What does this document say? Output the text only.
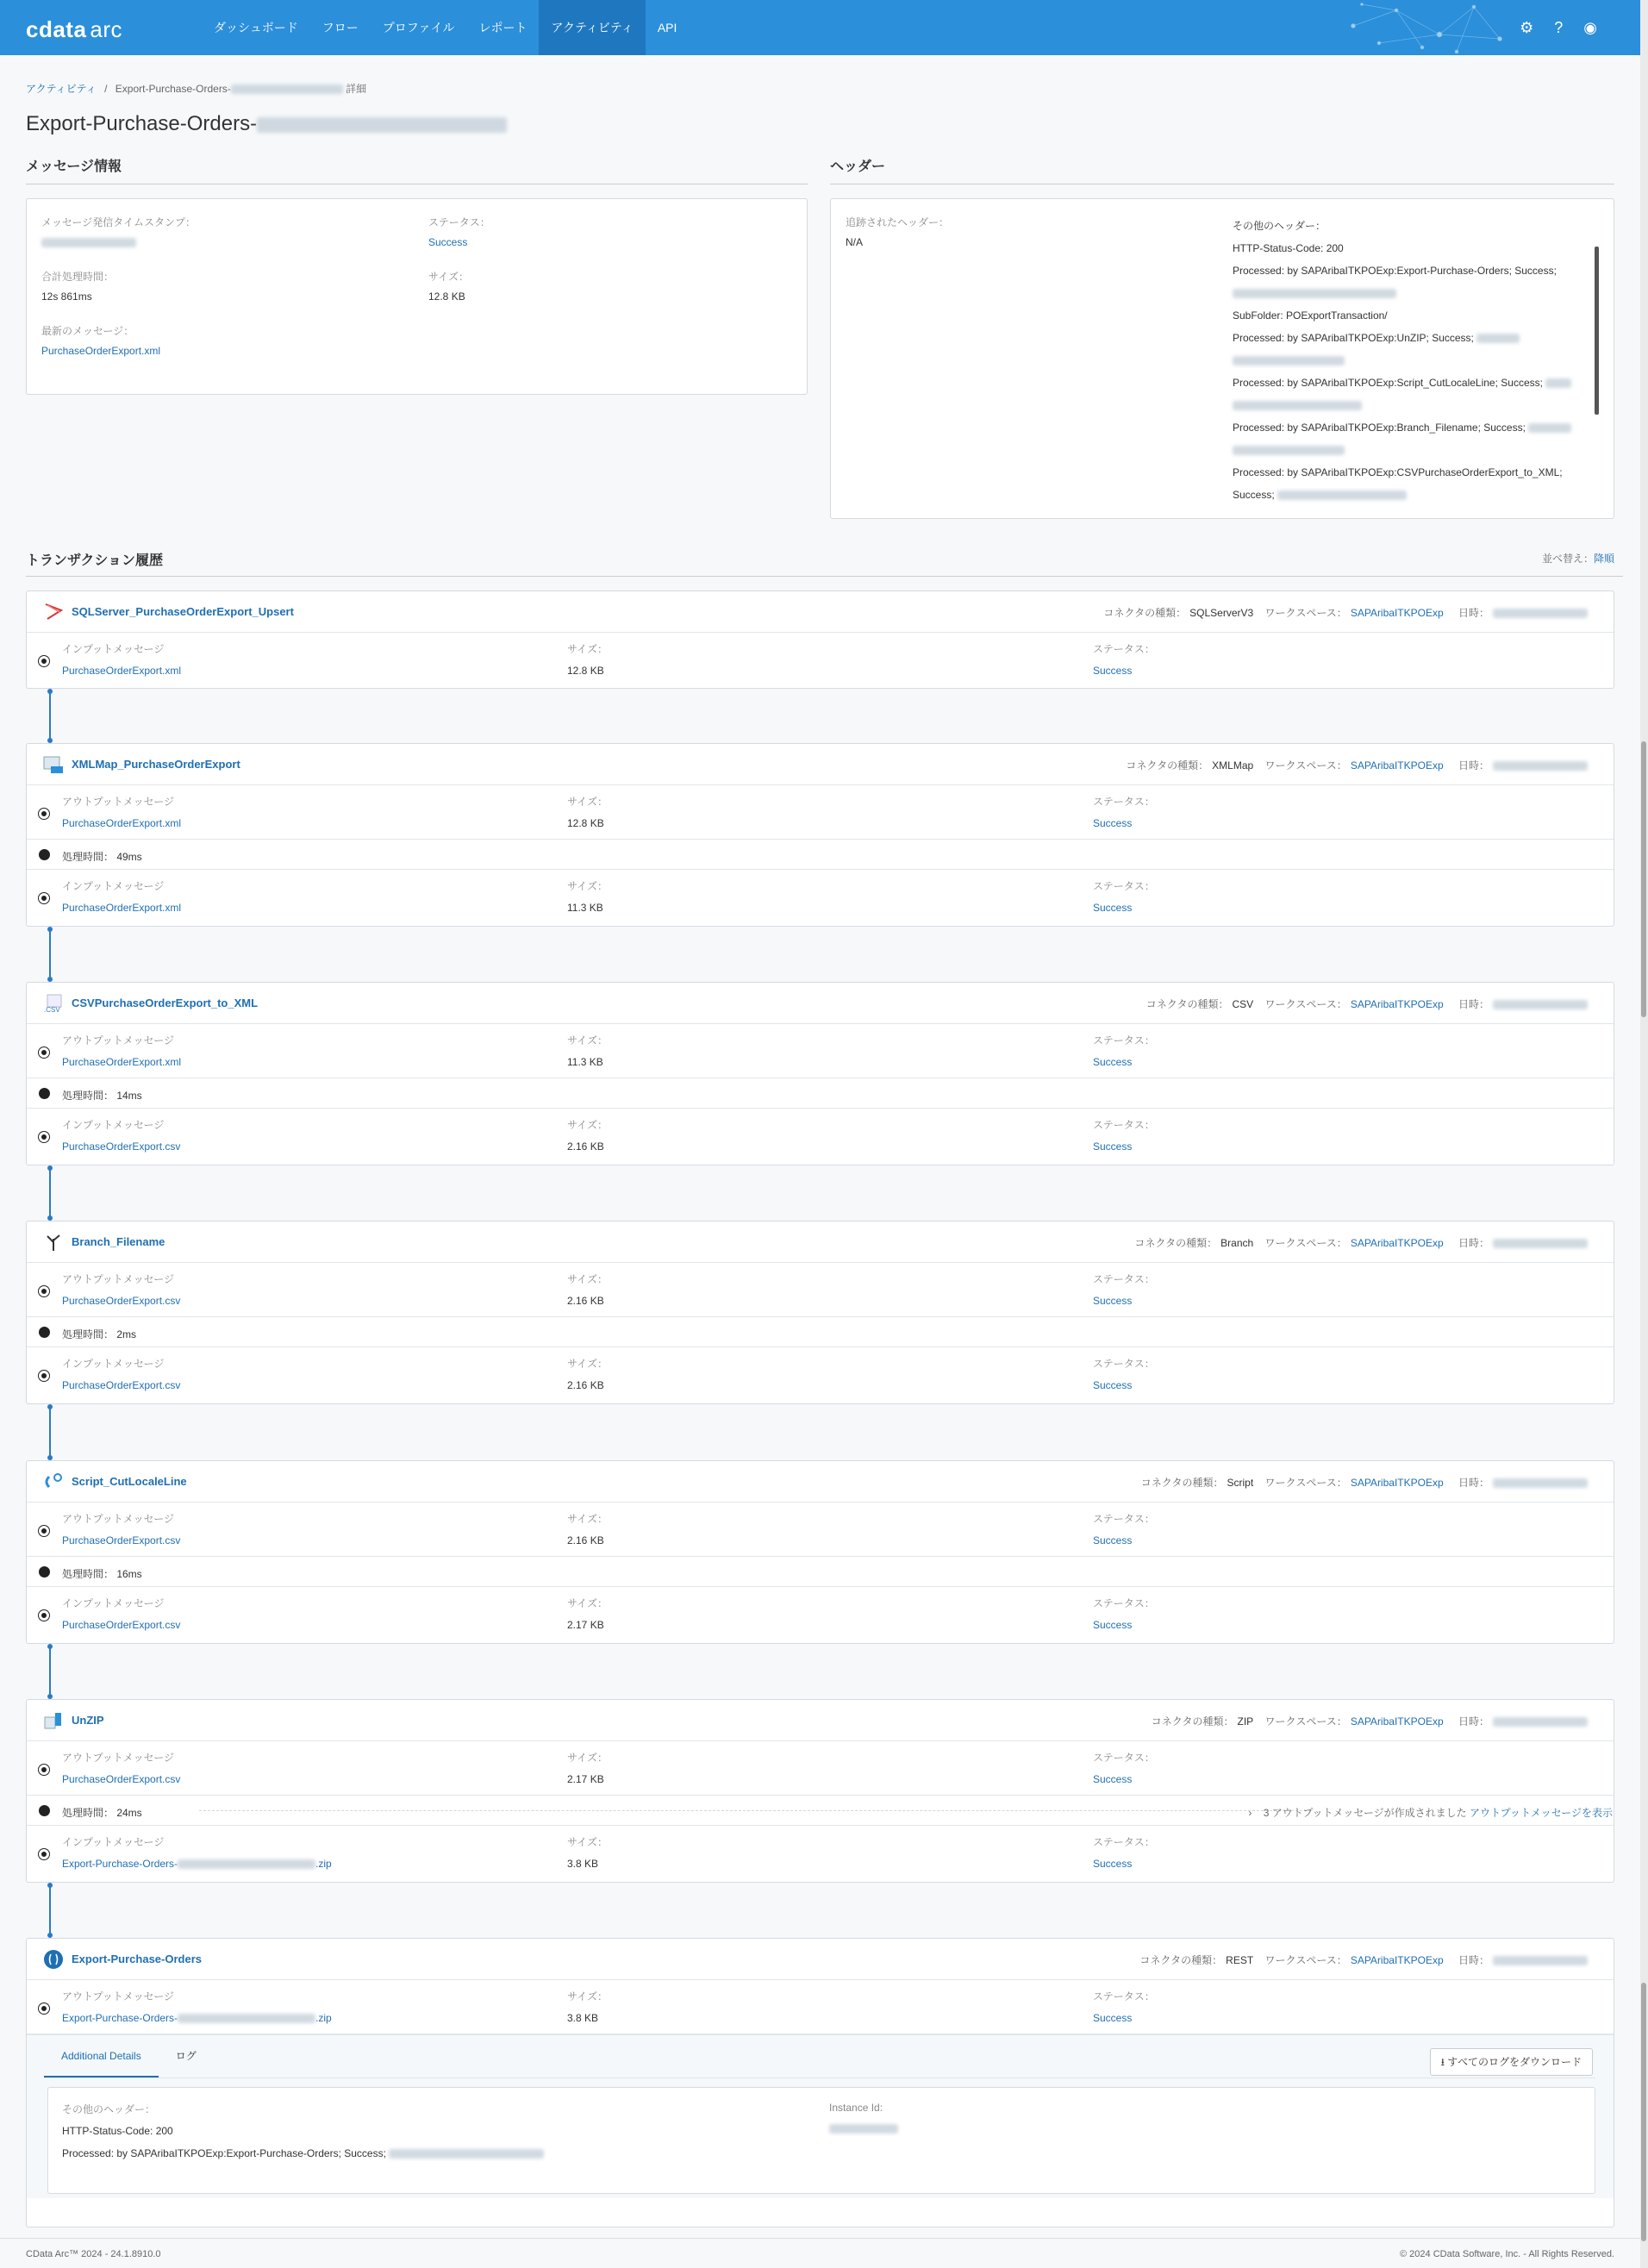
cdata arc	ダッシュボード	フロー	プロファイル	レポート	アクティビティ	API	⚙ ? ◉
アクティビティ / Export-Purchase-Orders-	詳細
Export-Purchase-Orders-
メッセージ情報
メッセージ発信タイムスタンプ：
合計処理時間：
12s 861ms
最新のメッセージ：
PurchaseOrderExport.xml
ステータス：
Success
サイズ：
12.8 KB
ヘッダー
追跡されたヘッダー：
N/A
その他のヘッダー：
HTTP-Status-Code: 200
Processed: by SAPAribaITKPOExp:Export-Purchase-Orders; Success;
SubFolder: POExportTransaction/
Processed: by SAPAribaITKPOExp:UnZIP; Success;
Processed: by SAPAribaITKPOExp:Script_CutLocaleLine; Success;
Processed: by SAPAribaITKPOExp:Branch_Filename; Success;
Processed: by SAPAribaITKPOExp:CSVPurchaseOrderExport_to_XML;
Success;
トランザクション履歴	並べ替え：降順
SQLServer_PurchaseOrderExport_Upsert	コネクタの種類： SQLServerV3 ワークスペース： SAPAribaITKPOExp 日時：
インプットメッセージ
PurchaseOrderExport.xml
サイズ：
12.8 KB
ステータス：
Success
XMLMap_PurchaseOrderExport	コネクタの種類： XMLMap ワークスペース： SAPAribaITKPOExp 日時：
アウトプットメッセージ
PurchaseOrderExport.xml
サイズ：
12.8 KB
ステータス：
Success
処理時間： 49ms
インプットメッセージ
PurchaseOrderExport.xml
サイズ：
11.3 KB
ステータス：
Success
.CSV
CSVPurchaseOrderExport_to_XML	コネクタの種類： CSV ワークスペース： SAPAribaITKPOExp 日時：
アウトプットメッセージ
PurchaseOrderExport.xml
サイズ：
11.3 KB
ステータス：
Success
処理時間： 14ms
インプットメッセージ
PurchaseOrderExport.csv
サイズ：
2.16 KB
ステータス：
Success
Branch_Filename	コネクタの種類： Branch ワークスペース： SAPAribaITKPOExp 日時：
アウトプットメッセージ
PurchaseOrderExport.csv
サイズ：
2.16 KB
ステータス：
Success
処理時間： 2ms
インプットメッセージ
PurchaseOrderExport.csv
サイズ：
2.16 KB
ステータス：
Success
Script_CutLocaleLine	コネクタの種類： Script ワークスペース： SAPAribaITKPOExp 日時：
アウトプットメッセージ
PurchaseOrderExport.csv
サイズ：
2.16 KB
ステータス：
Success
処理時間： 16ms
インプットメッセージ
PurchaseOrderExport.csv
サイズ：
2.17 KB
ステータス：
Success
UnZIP	コネクタの種類： ZIP ワークスペース： SAPAribaITKPOExp 日時：
アウトプットメッセージ
PurchaseOrderExport.csv
サイズ：
2.17 KB
ステータス：
Success
処理時間： 24ms	›    3 アウトプットメッセージが作成されました アウトプットメッセージを表示
インプットメッセージ
Export-Purchase-Orders-	.zip
サイズ：
3.8 KB
ステータス：
Success
Export-Purchase-Orders	コネクタの種類： REST ワークスペース： SAPAribaITKPOExp 日時：
アウトプットメッセージ
Export-Purchase-Orders-	.zip
サイズ：
3.8 KB
ステータス：
Success
Additional Details	ログ	⭳ すべてのログをダウンロード
その他のヘッダー：
HTTP-Status-Code: 200
Processed: by SAPAribaITKPOExp:Export-Purchase-Orders; Success;
Instance Id:
CData Arc™ 2024 - 24.1.8910.0	© 2024 CData Software, Inc. - All Rights Reserved.
